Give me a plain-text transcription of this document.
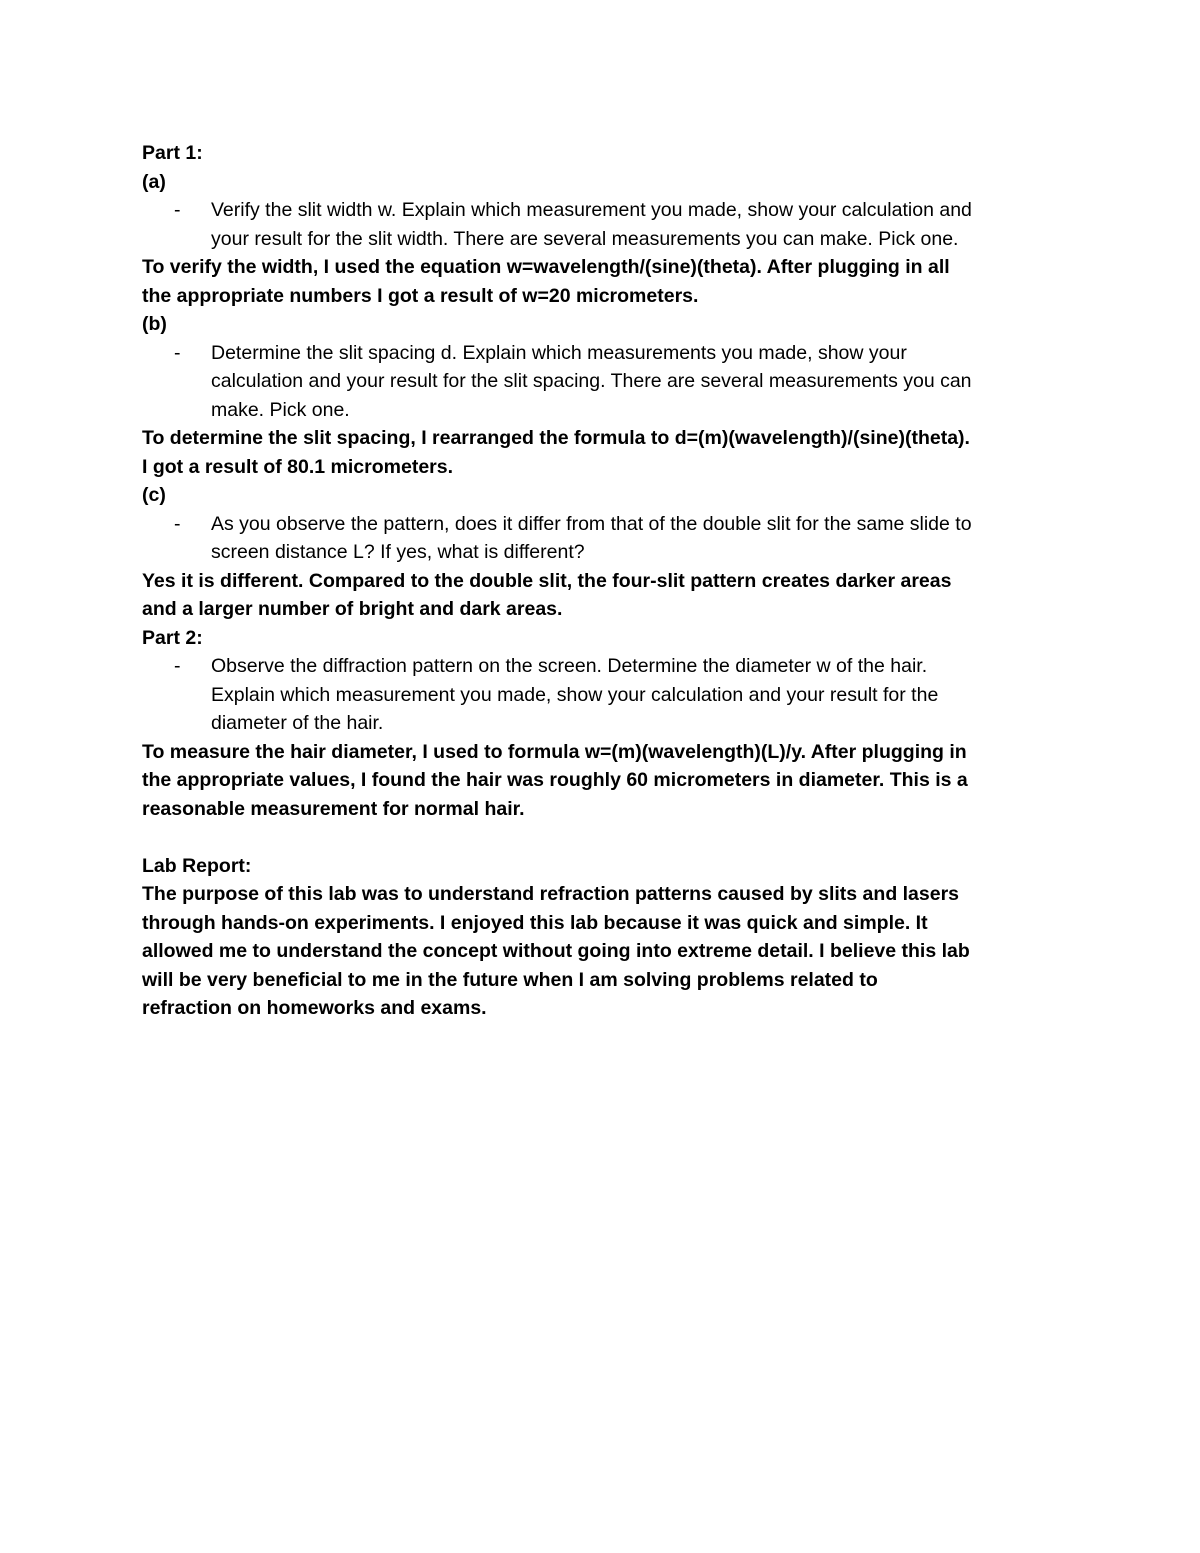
Part 1:

(a)

- Verify the slit width w. Explain which measurement you made, show your calculation and

your result for the slit width. There are several measurements you can make. Pick one.

To verify the width, I used the equation w=wavelength/(sine)(theta). After plugging in all

the appropriate numbers I got a result of w=20 micrometers.

(b)

- Determine the slit spacing d. Explain which measurements you made, show your

calculation and your result for the slit spacing. There are several measurements you can

make. Pick one.

To determine the slit spacing, I rearranged the formula to d=(m)(wavelength)/(sine)(theta).

I got a result of 80.1 micrometers.

(c)

- As you observe the pattern, does it differ from that of the double slit for the same slide to

screen distance L? If yes, what is different?

Yes it is different. Compared to the double slit, the four-slit pattern creates darker areas

and a larger number of bright and dark areas.

Part 2:

- Observe the diffraction pattern on the screen. Determine the diameter w of the hair.

Explain which measurement you made, show your calculation and your result for the

diameter of the hair.

To measure the hair diameter, I used to formula w=(m)(wavelength)(L)/y. After plugging in

the appropriate values, I found the hair was roughly 60 micrometers in diameter. This is a

reasonable measurement for normal hair.

Lab Report:

The purpose of this lab was to understand refraction patterns caused by slits and lasers

through hands-on experiments. I enjoyed this lab because it was quick and simple. It

allowed me to understand the concept without going into extreme detail. I believe this lab

will be very beneficial to me in the future when I am solving problems related to

refraction on homeworks and exams.
